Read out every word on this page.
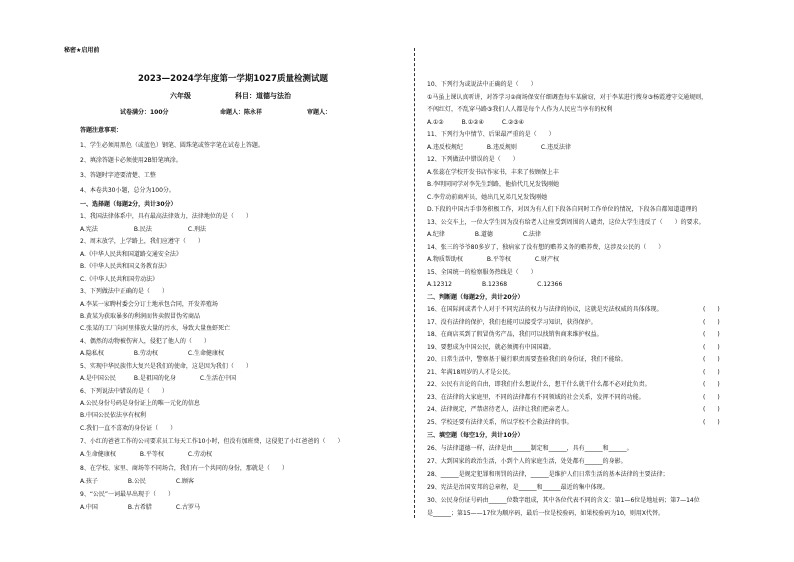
秘密★启用前
2023—2024学年度第一学期1027质量检测试题
六年级	科目：道德与法治
试卷满分：100分	命题人：陈永祥	审题人：
答题注意事项：
1、学生必须用黑色（或蓝色）钢笔、圆珠笔或签字笔在试卷上答题。
2、填涂答题卡必须使用2B铅笔填涂。
3、答题时字迹要清楚、工整
4、本卷共30小题，总分为100分。
一、选择题（每题2分，共计30分）
1、我国法律体系中，具有最高法律效力，法律地位的是（　　）
A.宪法　　　　　　B.民法　　　　　　C.刑法
2、周末放学，上学路上，我们应遵守（　　）
A.《中华人民共和国道路交通安全法》
B.《中华人民共和国义务教育法》
C.《中华人民共和国劳动法》
3、下列做法中正确的是（　　）
A.李某一家聘村委会分订土地承包合同，开发养殖场
B.黄某为获取暴多的利润而售卖假冒伪劣商品
C.张某的工厂向河里排放大量的污水，导致大量鱼虾死亡
4、偶然的动物被伤害人，侵犯了他人的（　　）
A.隐私权　　　　　B.劳动权　　　　　C.生命健康权
5、实现中华民族伟大复兴是我们的使命，这是因为我们（　　）
A.是中国公民　　　B.是祖国的化身　　　　C.生活在中国
6、下列说法中错误的是（　　）
A.公民身份号码是身份证上的唯一元化的信息
B.中国公民依法享有权利
C.我们一直不喜欢的身份证（　　）
7、小红的爸爸工作的公司要求员工每天工作10小时，但没有加班费，这侵犯了小红爸爸的（　　）
A.生命健康权　　　　B.平等权　　　　C.劳动权
8、在学校、家里、商场等不同场合，我们有一个共同的身份，那就是（　　）
A.孩子　　　　　B.公民　　　　　C.顾客
9、“公民”一词最早出现于（　　）
A.中国　　　　　B.古希腊　　　　C.古罗马
10、下列行为或说法中正确的是（　　）
①马虽上课认真听讲，对答学习②商场保安仔细调查每车某偷窃，对于李某进行搜身③杨霞遵守交通规则，
不闯红灯，不乱穿马路③我们人人都是每个人作为人民应当享有的权利
A.①②　　　B.①②④　　　C.②③④
11、下列行为中情节、后果最严重的是（　　）
A.违反校规纪　　　　B.违反规则　　　　C.违反法律
12、下列做法中错误的是（　　）
A.张蕊在学校开发书店作家书，丰来了按顾保上丰
B.李明同同学对李先生到路，他拾代几兄发钱刚她
C.李劳动前商库员，她出几兄弟几兄发钱刚她
D.下段的中国古手事务积极工作，对因为有人们下段各自同时工作单位的情况，下段各自都知道道理的
13、公交车上，一位大学生因为没有给老人让座受到周围的人谴责，这位大学生违反了（　　）的要求。
A.纪律　　　　　B.道德　　　　　C.法律
14、张三的爷爷80多岁了，独病家了没有想的赡养义务的赡养费，这涉及公民的（　　）
A.物质帮助权　　　　B.平等权　　　　C.财产权
15、全国统一的检察服务热线是（　　）
A.12312　　　　　B.12368　　　　　C.12366
二、判断题（每题2分，共计20分）
16、在国际间或者个人对于不同宪法的权力与法律的协议，这就是宪法权威的具体体现。
17、没有法律的保护，我们也能可以接受学习知识，获得保护。
18、在商店买到了假冒伪劣产品，我们可以找销售商来维护权益。
19、要想成为中国公民，就必须拥有中国国籍。
20、日常生活中，警察基于履行职责需要查验我们的身份证，我们不能给。
21、年满18周岁的人才是公民。
22、公民有言论的自由，即我们什么想说什么，想干什么就干什么都不必对此负责。
23、在法律的大家庭里，不同的法律都有不同领域的社会关系，发挥不同的功能。
24、法律规定，严禁虐待老人，法律让我们把亲老人。
25、学校还要有法律关系，所以学校不会救法律的事。
(　　)
(　　)
(　　)
(　　)
(　　)
(　　)
(　　)
(　　)
(　　)
(　　)
三、填空题（每空1分，共计10分）
26、与法律道德一样，法律是由______制定和______，具有______和______。
27、大到国家的政治生活，小到个人的家庭生活，处处都有______的身影。
28、______是规定犯罪和刑罚的法律，______是维护人们日常生活的基本法律的主要法律；
29、宪法是治国安邦的总章程，是______和______最近的集中体现。
30、公民身份证号码由______位数字组成，其中各位代表不同的含义：第1—6位是地址码；第7—14位
是______；第15——17位为顺序码，最后一位是校验码，如果校验码为10，则用X代替。
